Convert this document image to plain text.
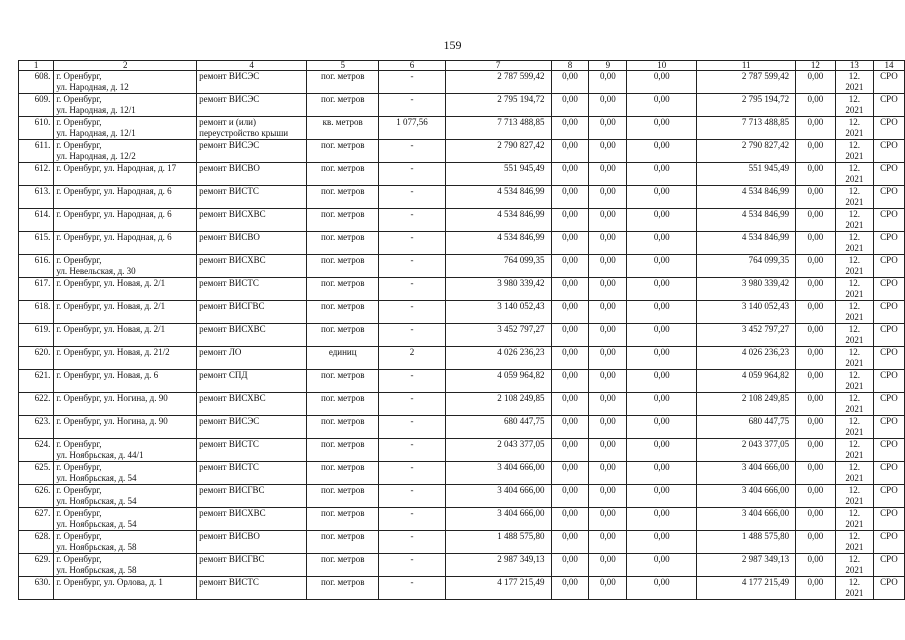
159
1	2	4	5	6	7	8	9	10	11	12	13	14

608.	г. Оренбург,
ул. Народная, д. 12	ремонт ВИСЭС	пог. метров	-	2 787 599,42	0,00	0,00	0,00	2 787 599,42	0,00	12.
2021	СРО

609.	г. Оренбург,
ул. Народная, д. 12/1	ремонт ВИСЭС	пог. метров	-	2 795 194,72	0,00	0,00	0,00	2 795 194,72	0,00	12.
2021	СРО

610.	г. Оренбург,
ул. Народная, д. 12/1	ремонт и (или)
переустройство крыши	кв. метров	1 077,56	7 713 488,85	0,00	0,00	0,00	7 713 488,85	0,00	12.
2021	СРО

611.	г. Оренбург,
ул. Народная, д. 12/2	ремонт ВИСЭС	пог. метров	-	2 790 827,42	0,00	0,00	0,00	2 790 827,42	0,00	12.
2021	СРО

612.	г. Оренбург, ул. Народная, д. 17	ремонт ВИСВО	пог. метров	-	551 945,49	0,00	0,00	0,00	551 945,49	0,00	12.
2021	СРО

613.	г. Оренбург, ул. Народная, д. 6	ремонт ВИСТС	пог. метров	-	4 534 846,99	0,00	0,00	0,00	4 534 846,99	0,00	12.
2021	СРО

614.	г. Оренбург, ул. Народная, д. 6	ремонт ВИСХВС	пог. метров	-	4 534 846,99	0,00	0,00	0,00	4 534 846,99	0,00	12.
2021	СРО

615.	г. Оренбург, ул. Народная, д. 6	ремонт ВИСВО	пог. метров	-	4 534 846,99	0,00	0,00	0,00	4 534 846,99	0,00	12.
2021	СРО

616.	г. Оренбург,
ул. Невельская, д. 30	ремонт ВИСХВС	пог. метров	-	764 099,35	0,00	0,00	0,00	764 099,35	0,00	12.
2021	СРО

617.	г. Оренбург, ул. Новая, д. 2/1	ремонт ВИСТС	пог. метров	-	3 980 339,42	0,00	0,00	0,00	3 980 339,42	0,00	12.
2021	СРО

618.	г. Оренбург, ул. Новая, д. 2/1	ремонт ВИСГВС	пог. метров	-	3 140 052,43	0,00	0,00	0,00	3 140 052,43	0,00	12.
2021	СРО

619.	г. Оренбург, ул. Новая, д. 2/1	ремонт ВИСХВС	пог. метров	-	3 452 797,27	0,00	0,00	0,00	3 452 797,27	0,00	12.
2021	СРО

620.	г. Оренбург, ул. Новая, д. 21/2	ремонт ЛО	единиц	2	4 026 236,23	0,00	0,00	0,00	4 026 236,23	0,00	12.
2021	СРО

621.	г. Оренбург, ул. Новая, д. 6	ремонт СПД	пог. метров	-	4 059 964,82	0,00	0,00	0,00	4 059 964,82	0,00	12.
2021	СРО

622.	г. Оренбург, ул. Ногина, д. 90	ремонт ВИСХВС	пог. метров	-	2 108 249,85	0,00	0,00	0,00	2 108 249,85	0,00	12.
2021	СРО

623.	г. Оренбург, ул. Ногина, д. 90	ремонт ВИСЭС	пог. метров	-	680 447,75	0,00	0,00	0,00	680 447,75	0,00	12.
2021	СРО

624.	г. Оренбург,
ул. Ноябрьская, д. 44/1	ремонт ВИСТС	пог. метров	-	2 043 377,05	0,00	0,00	0,00	2 043 377,05	0,00	12.
2021	СРО

625.	г. Оренбург,
ул. Ноябрьская, д. 54	ремонт ВИСТС	пог. метров	-	3 404 666,00	0,00	0,00	0,00	3 404 666,00	0,00	12.
2021	СРО

626.	г. Оренбург,
ул. Ноябрьская, д. 54	ремонт ВИСГВС	пог. метров	-	3 404 666,00	0,00	0,00	0,00	3 404 666,00	0,00	12.
2021	СРО

627.	г. Оренбург,
ул. Ноябрьская, д. 54	ремонт ВИСХВС	пог. метров	-	3 404 666,00	0,00	0,00	0,00	3 404 666,00	0,00	12.
2021	СРО

628.	г. Оренбург,
ул. Ноябрьская, д. 58	ремонт ВИСВО	пог. метров	-	1 488 575,80	0,00	0,00	0,00	1 488 575,80	0,00	12.
2021	СРО

629.	г. Оренбург,
ул. Ноябрьская, д. 58	ремонт ВИСГВС	пог. метров	-	2 987 349,13	0,00	0,00	0,00	2 987 349,13	0,00	12.
2021	СРО

630.	г. Оренбург, ул. Орлова, д. 1	ремонт ВИСТС	пог. метров	-	4 177 215,49	0,00	0,00	0,00	4 177 215,49	0,00	12.
2021	СРО
